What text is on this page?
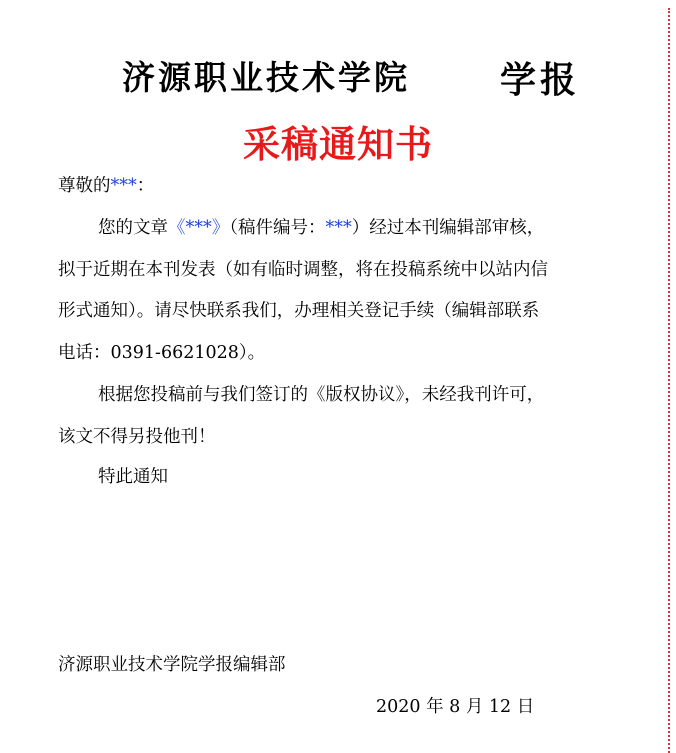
济源职业技术学院	学报
采稿通知书
尊敬的***：
您的文章《***》（稿件编号：***）经过本刊编辑部审核，
拟于近期在本刊发表（如有临时调整，将在投稿系统中以站内信
形式通知）。请尽快联系我们，办理相关登记手续（编辑部联系
电话：0391-6621028）。
根据您投稿前与我们签订的《版权协议》，未经我刊许可，
该文不得另投他刊！
特此通知
济源职业技术学院学报编辑部
2020 年 8 月 12 日
